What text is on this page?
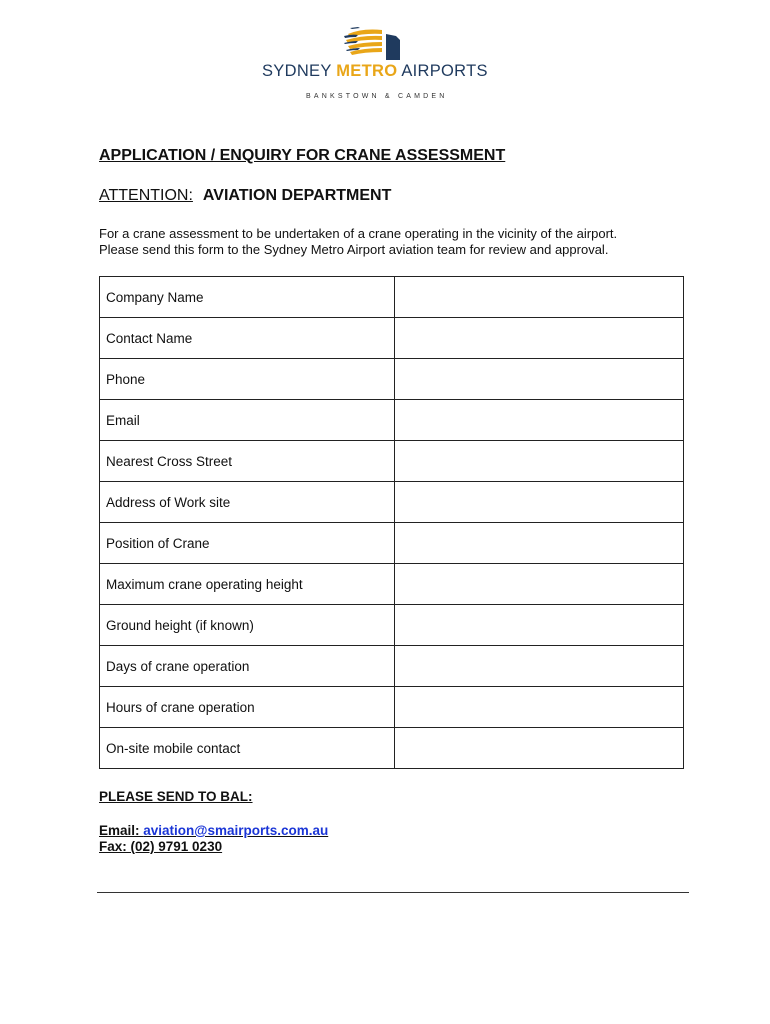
SYDNEY METRO AIRPORTS
BANKSTOWN & CAMDEN
APPLICATION / ENQUIRY FOR CRANE ASSESSMENT
ATTENTION: AVIATION DEPARTMENT
For a crane assessment to be undertaken of a crane operating in the vicinity of the airport.
Please send this form to the Sydney Metro Airport aviation team for review and approval.
Company Name	
Contact Name	
Phone	
Email	
Nearest Cross Street	
Address of Work site	
Position of Crane	
Maximum crane operating height	
Ground height (if known)	
Days of crane operation	
Hours of crane operation	
On-site mobile contact	
PLEASE SEND TO BAL:
Email: aviation@smairports.com.au
Fax: (02) 9791 0230
